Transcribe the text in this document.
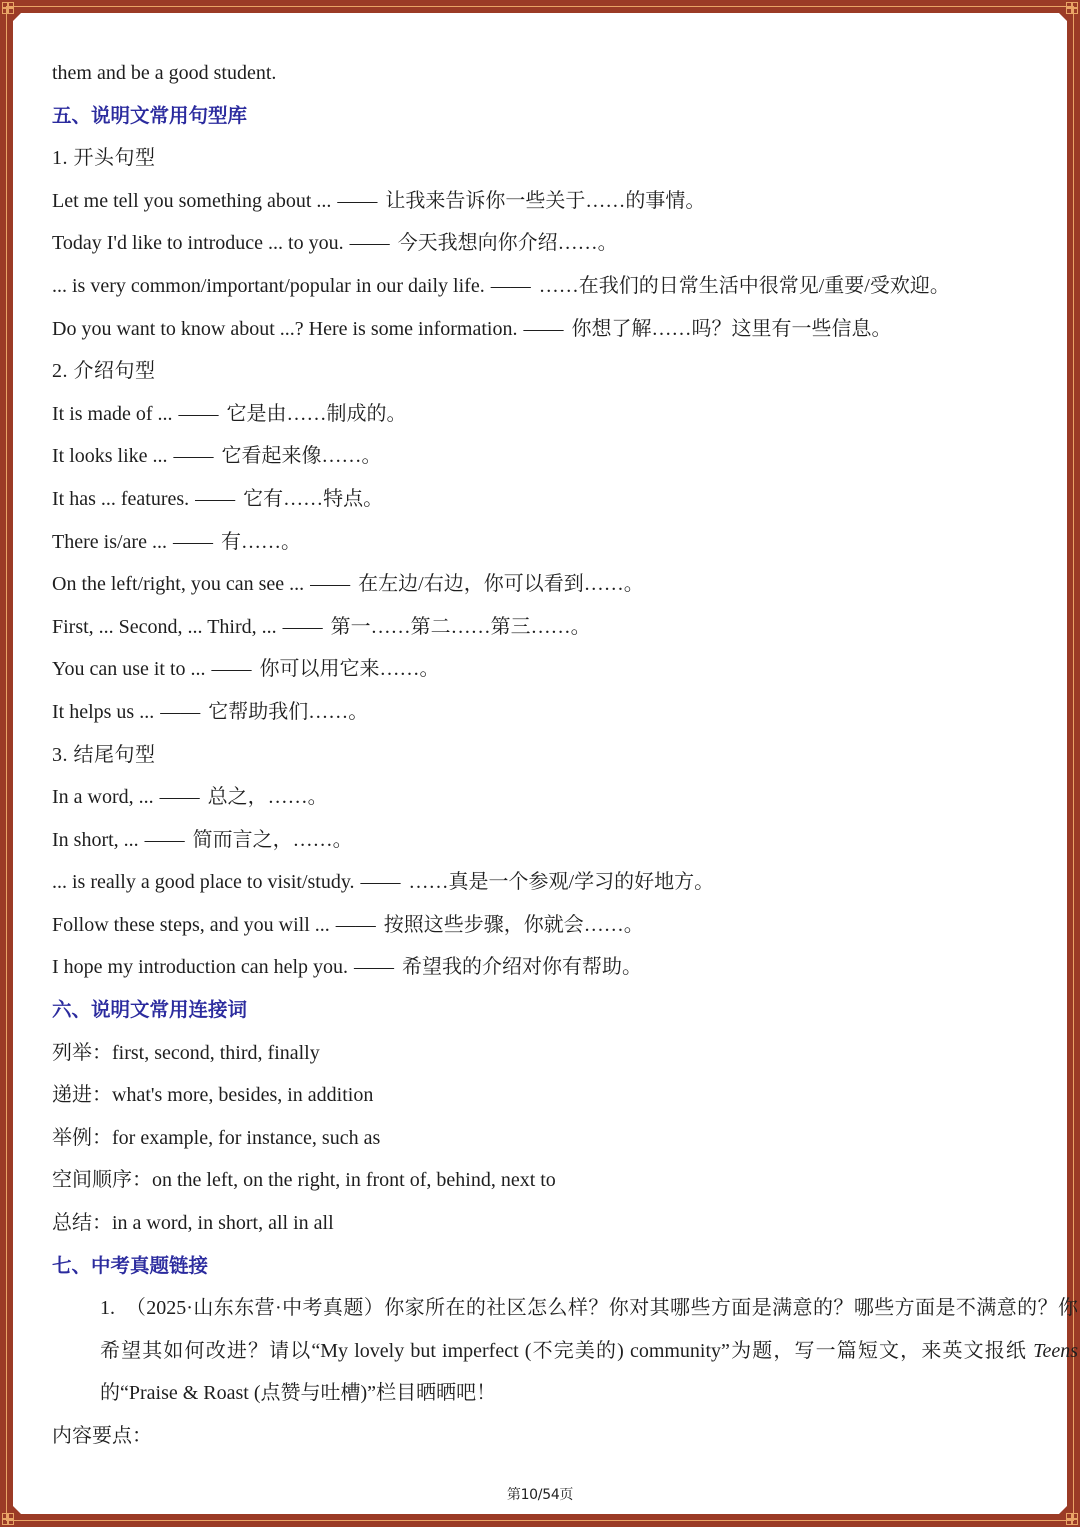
them and be a good student.
五、说明文常用句型库
1. 开头句型
Let me tell you something about ... —— 让我来告诉你一些关于……的事情。
Today I'd like to introduce ... to you. —— 今天我想向你介绍……。
... is very common/important/popular in our daily life. —— ……在我们的日常生活中很常见/重要/受欢迎。
Do you want to know about ...? Here is some information. —— 你想了解……吗？这里有一些信息。
2. 介绍句型
It is made of ... —— 它是由……制成的。
It looks like ... —— 它看起来像……。
It has ... features. —— 它有……特点。
There is/are ... —— 有……。
On the left/right, you can see ... —— 在左边/右边，你可以看到……。
First, ... Second, ... Third, ... —— 第一……第二……第三……。
You can use it to ... —— 你可以用它来……。
It helps us ... —— 它帮助我们……。
3. 结尾句型
In a word, ... —— 总之，……。
In short, ... —— 简而言之，……。
... is really a good place to visit/study. —— ……真是一个参观/学习的好地方。
Follow these steps, and you will ... —— 按照这些步骤，你就会……。
I hope my introduction can help you. —— 希望我的介绍对你有帮助。
六、说明文常用连接词
列举：first, second, third, finally
递进：what's more, besides, in addition
举例：for example, for instance, such as
空间顺序：on the left, on the right, in front of, behind, next to
总结：in a word, in short, all in all
七、中考真题链接
1. （2025·山东东营·中考真题）你家所在的社区怎么样？你对其哪些方面是满意的？哪些方面是不满意的？你希望其如何改进？请以“My lovely but imperfect (不完美的) community”为题，写一篇短文，来英文报纸 Teens 的“Praise & Roast (点赞与吐槽)”栏目晒晒吧！
内容要点：
第10/54页
